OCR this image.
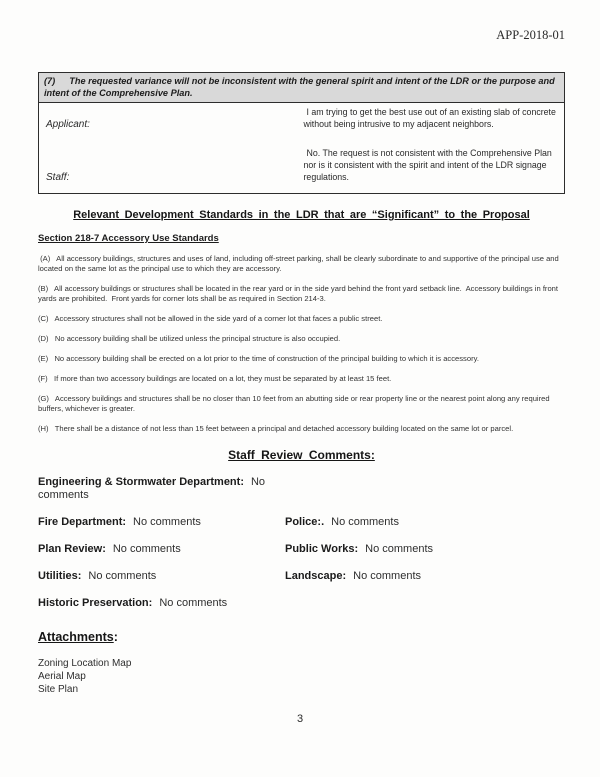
APP-2018-01
(7) The requested variance will not be inconsistent with the general spirit and intent of the LDR or the purpose and intent of the Comprehensive Plan.	
Applicant:	I am trying to get the best use out of an existing slab of concrete without being intrusive to my adjacent neighbors.
Staff:	No. The request is not consistent with the Comprehensive Plan nor is it consistent with the spirit and intent of the LDR signage regulations.
Relevant Development Standards in the LDR that are “Significant” to the Proposal
Section 218-7 Accessory Use Standards

(A)   All accessory buildings, structures and uses of land, including off-street parking, shall be clearly subordinate to and supportive of the principal use and located on the same lot as the principal use to which they are accessory.

(B)   All accessory buildings or structures shall be located in the rear yard or in the side yard behind the front yard setback line.  Accessory buildings in front yards are prohibited.  Front yards for corner lots shall be as required in Section 214-3.

(C)   Accessory structures shall not be allowed in the side yard of a corner lot that faces a public street.

(D)   No accessory building shall be utilized unless the principal structure is also occupied.

(E)   No accessory building shall be erected on a lot prior to the time of construction of the principal building to which it is accessory.

(F)   If more than two accessory buildings are located on a lot, they must be separated by at least 15 feet.

(G)   Accessory buildings and structures shall be no closer than 10 feet from an abutting side or rear property line or the nearest point along any required buffers, whichever is greater.

(H)   There shall be a distance of not less than 15 feet between a principal and detached accessory building located on the same lot or parcel.

Staff Review Comments:
Engineering & Stormwater Department: No comments
Fire Department: No comments	Police:. No comments
Plan Review: No comments	Public Works: No comments
Utilities: No comments	Landscape: No comments
Historic Preservation: No comments
Attachments:
Zoning Location Map
Aerial Map
Site Plan
3
